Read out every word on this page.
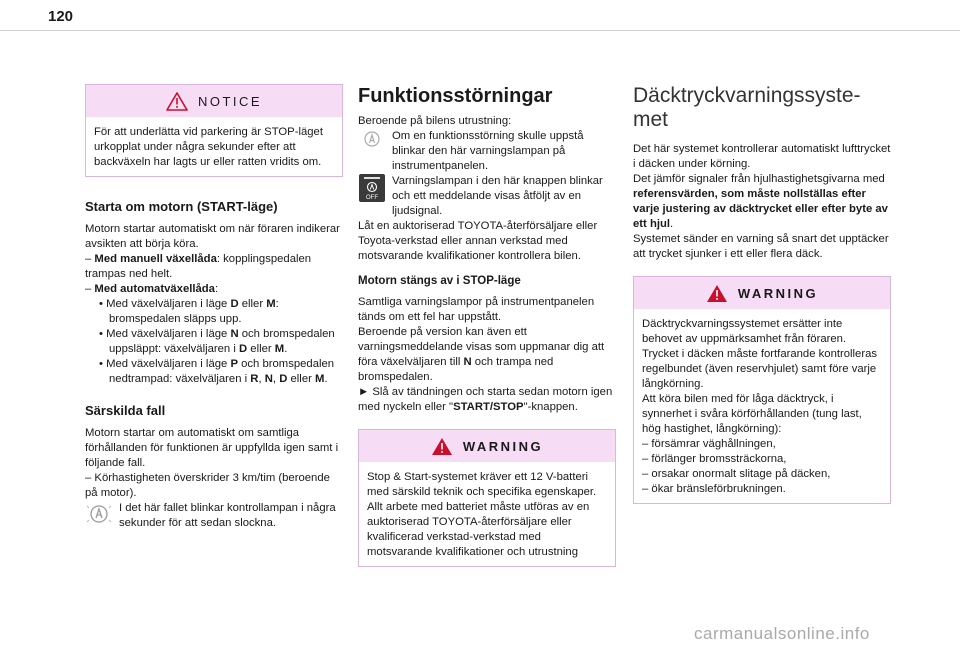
120
NOTICE

För att underlätta vid parkering är STOP-läget urkopplat under några sekunder efter att backväxeln har lagts ur eller ratten vridits om.

Starta om motorn (START-läge)

Motorn startar automatiskt om när föraren indikerar avsikten att börja köra.

– Med manuell växellåda: kopplingspedalen trampas ned helt.

– Med automatväxellåda:

• Med växelväljaren i läge D eller M: bromspedalen släpps upp.

• Med växelväljaren i läge N och bromspedalen uppsläppt: växelväljaren i D eller M.

• Med växelväljaren i läge P och bromspedalen nedtrampad: växelväljaren i R, N, D eller M.

Särskilda fall

Motorn startar om automatiskt om samtliga förhållanden för funktionen är uppfyllda igen samt i följande fall.

– Körhastigheten överskrider 3 km/tim (beroende på motor).

I det här fallet blinkar kontrollampan i några sekunder för att sedan slockna.

Funktionsstörningar

Beroende på bilens utrustning:

Om en funktionsstörning skulle uppstå blinkar den här varningslampan på instrumentpanelen.

OFF

Varningslampan i den här knappen blinkar och ett meddelande visas åtföljt av en ljudsignal.

Låt en auktoriserad TOYOTA-återförsäljare eller Toyota-verkstad eller annan verkstad med motsvarande kvalifikationer kontrollera bilen.

Motorn stängs av i STOP-läge

Samtliga varningslampor på instrumentpanelen tänds om ett fel har uppstått.

Beroende på version kan även ett varningsmeddelande visas som uppmanar dig att föra växelväljaren till N och trampa ned bromspedalen.

► Slå av tändningen och starta sedan motorn igen med nyckeln eller "START/STOP"-knappen.

WARNING

Stop & Start-systemet kräver ett 12 V-batteri med särskild teknik och specifika egenskaper. Allt arbete med batteriet måste utföras av en auktoriserad TOYOTA-återförsäljare eller kvalificerad verkstad-verkstad med motsvarande kvalifikationer och utrustning

Däcktryckvarningssyste-
met

Det här systemet kontrollerar automatiskt lufttrycket i däcken under körning.

Det jämför signaler från hjulhastighetsgivarna med referensvärden, som måste nollställas efter varje justering av däcktrycket eller efter byte av ett hjul.

Systemet sänder en varning så snart det upptäcker att trycket sjunker i ett eller flera däck.

WARNING

Däcktryckvarningssystemet ersätter inte behovet av uppmärksamhet från föraren.

Trycket i däcken måste fortfarande kontrolleras regelbundet (även reservhjulet) samt före varje långkörning.

Att köra bilen med för låga däcktryck, i synnerhet i svåra körförhållanden (tung last, hög hastighet, långkörning):

– försämrar väghållningen,

– förlänger bromssträckorna,

– orsakar onormalt slitage på däcken,

– ökar bränsleförbrukningen.

carmanualsonline.info
